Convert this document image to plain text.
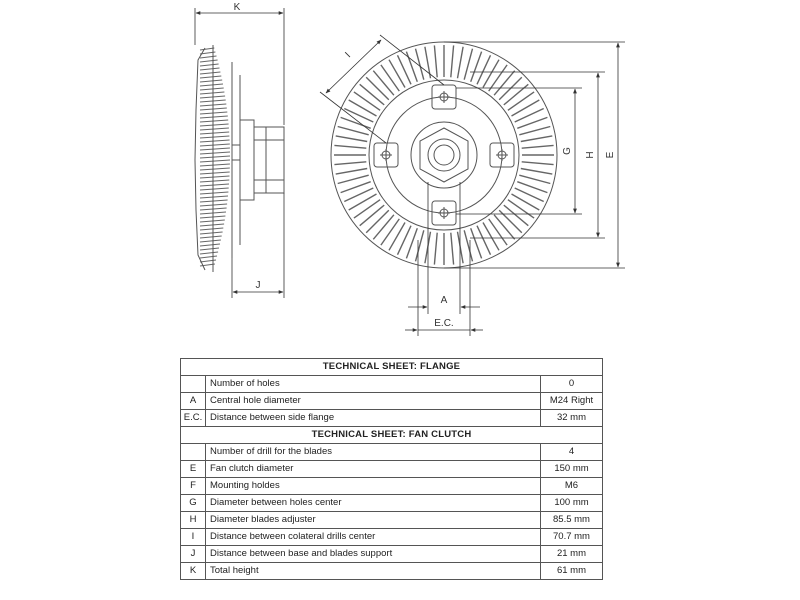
K
J
E
H
G
I
A
E.C.
TECHNICAL SHEET: FLANGE		
	Number of holes	0
A	Central hole diameter	M24 Right
E.C.	Distance between side flange	32 mm
TECHNICAL SHEET: FAN CLUTCH		
	Number of drill for the blades	4
E	Fan clutch diameter	150 mm
F	Mounting holdes	M6
G	Diameter between holes center	100 mm
H	Diameter blades adjuster	85.5 mm
I	Distance between colateral drills center	70.7 mm
J	Distance between base and blades support	21 mm
K	Total height	61 mm
